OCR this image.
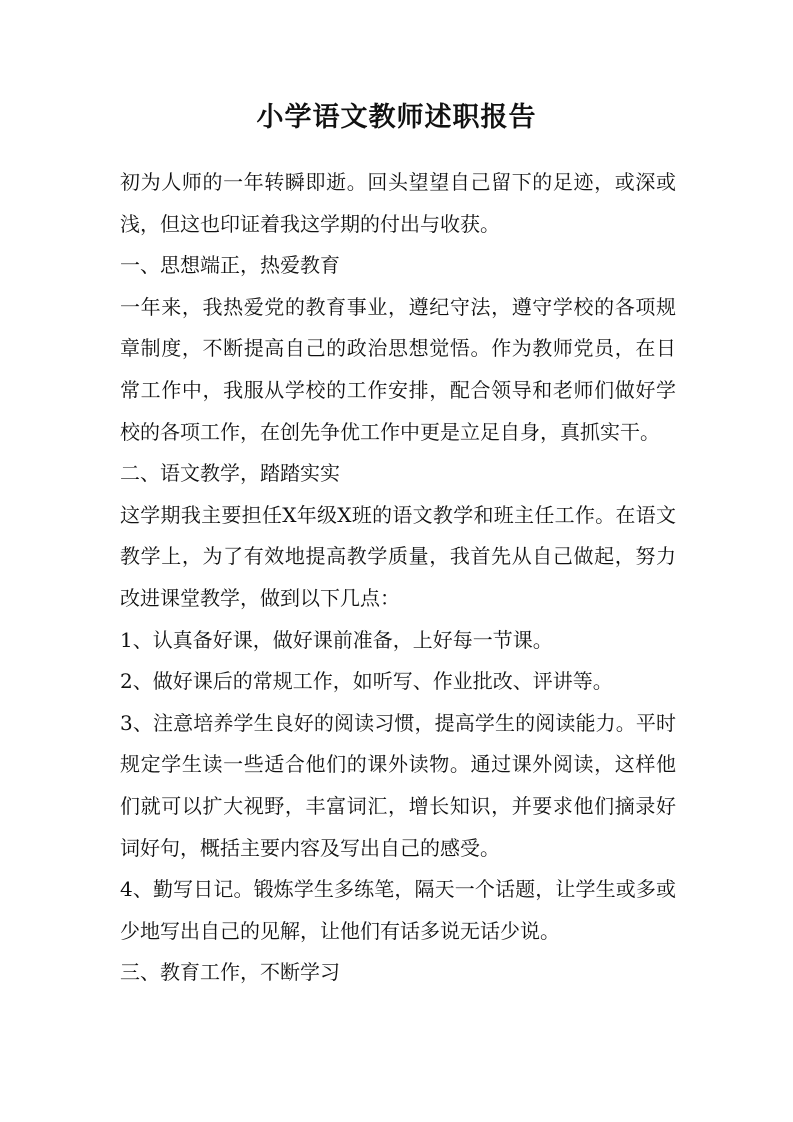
小学语文教师述职报告

初为人师的一年转瞬即逝。回头望望自己留下的足迹，或深或浅，但这也印证着我这学期的付出与收获。

一、思想端正，热爱教育

一年来，我热爱党的教育事业，遵纪守法，遵守学校的各项规章制度，不断提高自己的政治思想觉悟。作为教师党员，在日常工作中，我服从学校的工作安排，配合领导和老师们做好学校的各项工作，在创先争优工作中更是立足自身，真抓实干。

二、语文教学，踏踏实实

这学期我主要担任X年级X班的语文教学和班主任工作。在语文教学上，为了有效地提高教学质量，我首先从自己做起，努力改进课堂教学，做到以下几点：

1、认真备好课，做好课前准备，上好每一节课。

2、做好课后的常规工作，如听写、作业批改、评讲等。

3、注意培养学生良好的阅读习惯，提高学生的阅读能力。平时规定学生读一些适合他们的课外读物。通过课外阅读，这样他们就可以扩大视野，丰富词汇，增长知识，并要求他们摘录好词好句，概括主要内容及写出自己的感受。

4、勤写日记。锻炼学生多练笔，隔天一个话题，让学生或多或少地写出自己的见解，让他们有话多说无话少说。

三、教育工作，不断学习
